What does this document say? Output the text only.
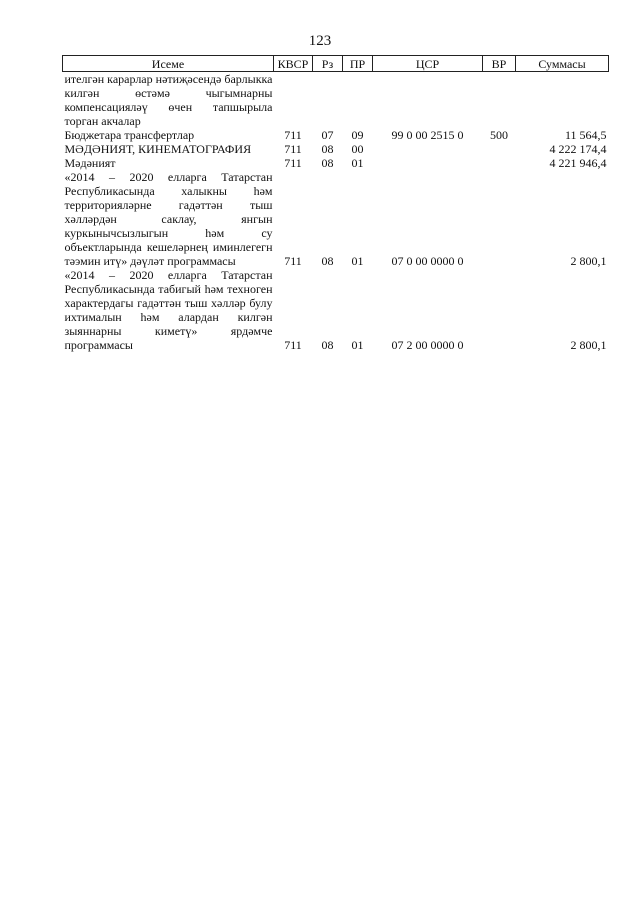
123
Исеме	КВСР	Рз	ПР	ЦСР	ВР	Суммасы

ителгән карарлар нәтиҗәсендә барлыкка килгән өстәмә чыгымнарны компенсацияләү өчен тапшырыла торган акчалар						

Бюджетара трансфертлар	711	07	09	99 0 00 2515 0	500	11 564,5

МӘДӘНИЯТ, КИНЕМАТОГРАФИЯ	711	08	00			4 222 174,4

Мәдәният	711	08	01			4 221 946,4

«2014 – 2020 елларга Татарстан Республикасында халыкны һәм территорияләрне гадәттән тыш хәлләрдән саклау, янгын куркынычсызлыгын һәм су объектларында кешеләрнең иминлегегн тәэмин итү» дәүләт программасы	711	08	01	07 0 00 0000 0		2 800,1

«2014 – 2020 елларга Татарстан Республикасында табигый һәм техноген характердагы гадәттән тыш хәлләр булу ихтималын һәм алардан килгән зыяннарны киметү» ярдәмче программасы	711	08	01	07 2 00 0000 0		2 800,1
